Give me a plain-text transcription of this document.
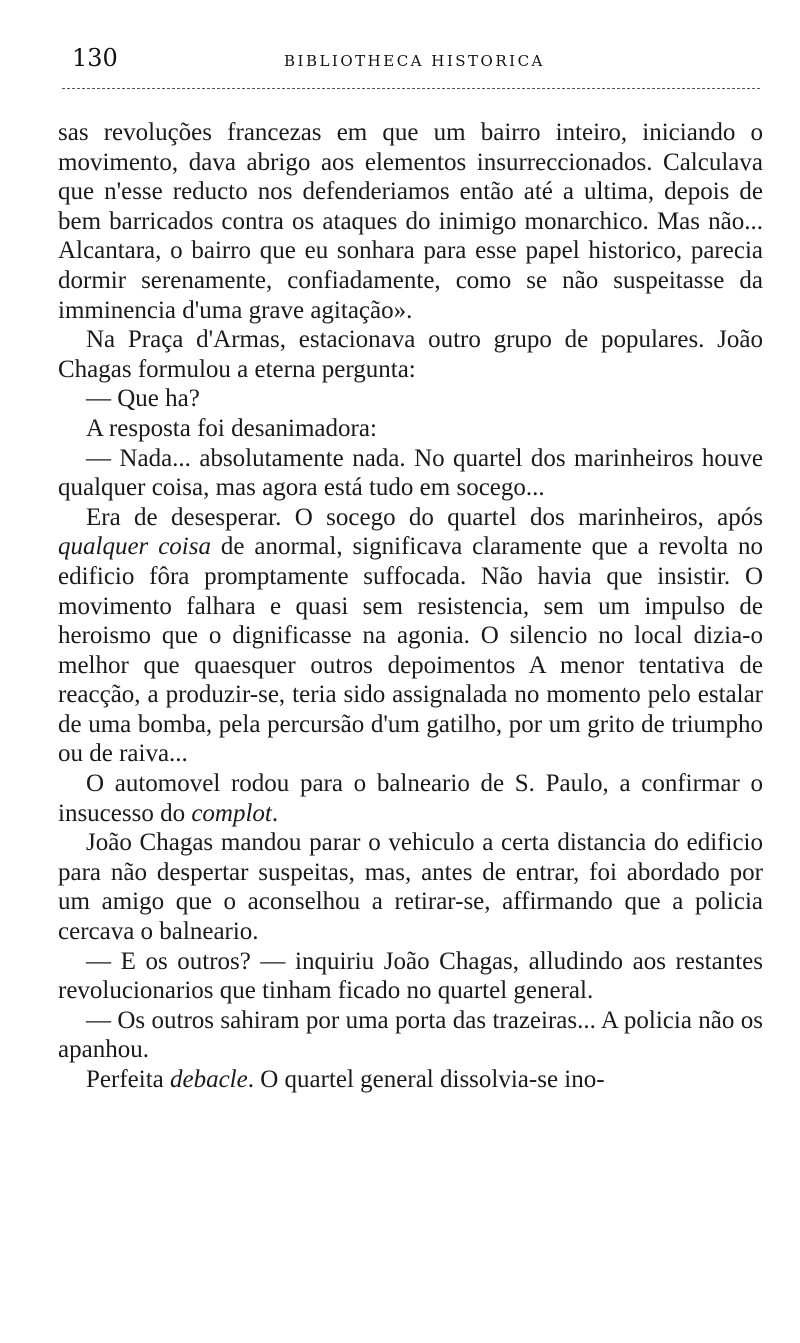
130	BIBLIOTHECA HISTORICA

sas revoluções francezas em que um bairro inteiro, iniciando o movimento, dava abrigo aos elementos insurreccionados. Calculava que n'esse reducto nos defenderiamos então até a ultima, depois de bem barricados contra os ataques do inimigo monarchico. Mas não... Alcantara, o bairro que eu sonhara para esse papel historico, parecia dormir serenamente, confiadamente, como se não suspeitasse da imminencia d'uma grave agitação».

Na Praça d'Armas, estacionava outro grupo de populares. João Chagas formulou a eterna pergunta:

— Que ha?

A resposta foi desanimadora:

— Nada... absolutamente nada. No quartel dos marinheiros houve qualquer coisa, mas agora está tudo em socego...

Era de desesperar. O socego do quartel dos marinheiros, após qualquer coisa de anormal, significava claramente que a revolta no edificio fôra promptamente suffocada. Não havia que insistir. O movimento falhara e quasi sem resistencia, sem um impulso de heroismo que o dignificasse na agonia. O silencio no local dizia-o melhor que quaesquer outros depoimentos A menor tentativa de reacção, a produzir-se, teria sido assignalada no momento pelo estalar de uma bomba, pela percursão d'um gatilho, por um grito de triumpho ou de raiva...

O automovel rodou para o balneario de S. Paulo, a confirmar o insucesso do complot.

João Chagas mandou parar o vehiculo a certa distancia do edificio para não despertar suspeitas, mas, antes de entrar, foi abordado por um amigo que o aconselhou a retirar-se, affirmando que a policia cercava o balneario.

— E os outros? — inquiriu João Chagas, alludindo aos restantes revolucionarios que tinham ficado no quartel general.

— Os outros sahiram por uma porta das trazeiras... A policia não os apanhou.

Perfeita debacle. O quartel general dissolvia-se ino-
